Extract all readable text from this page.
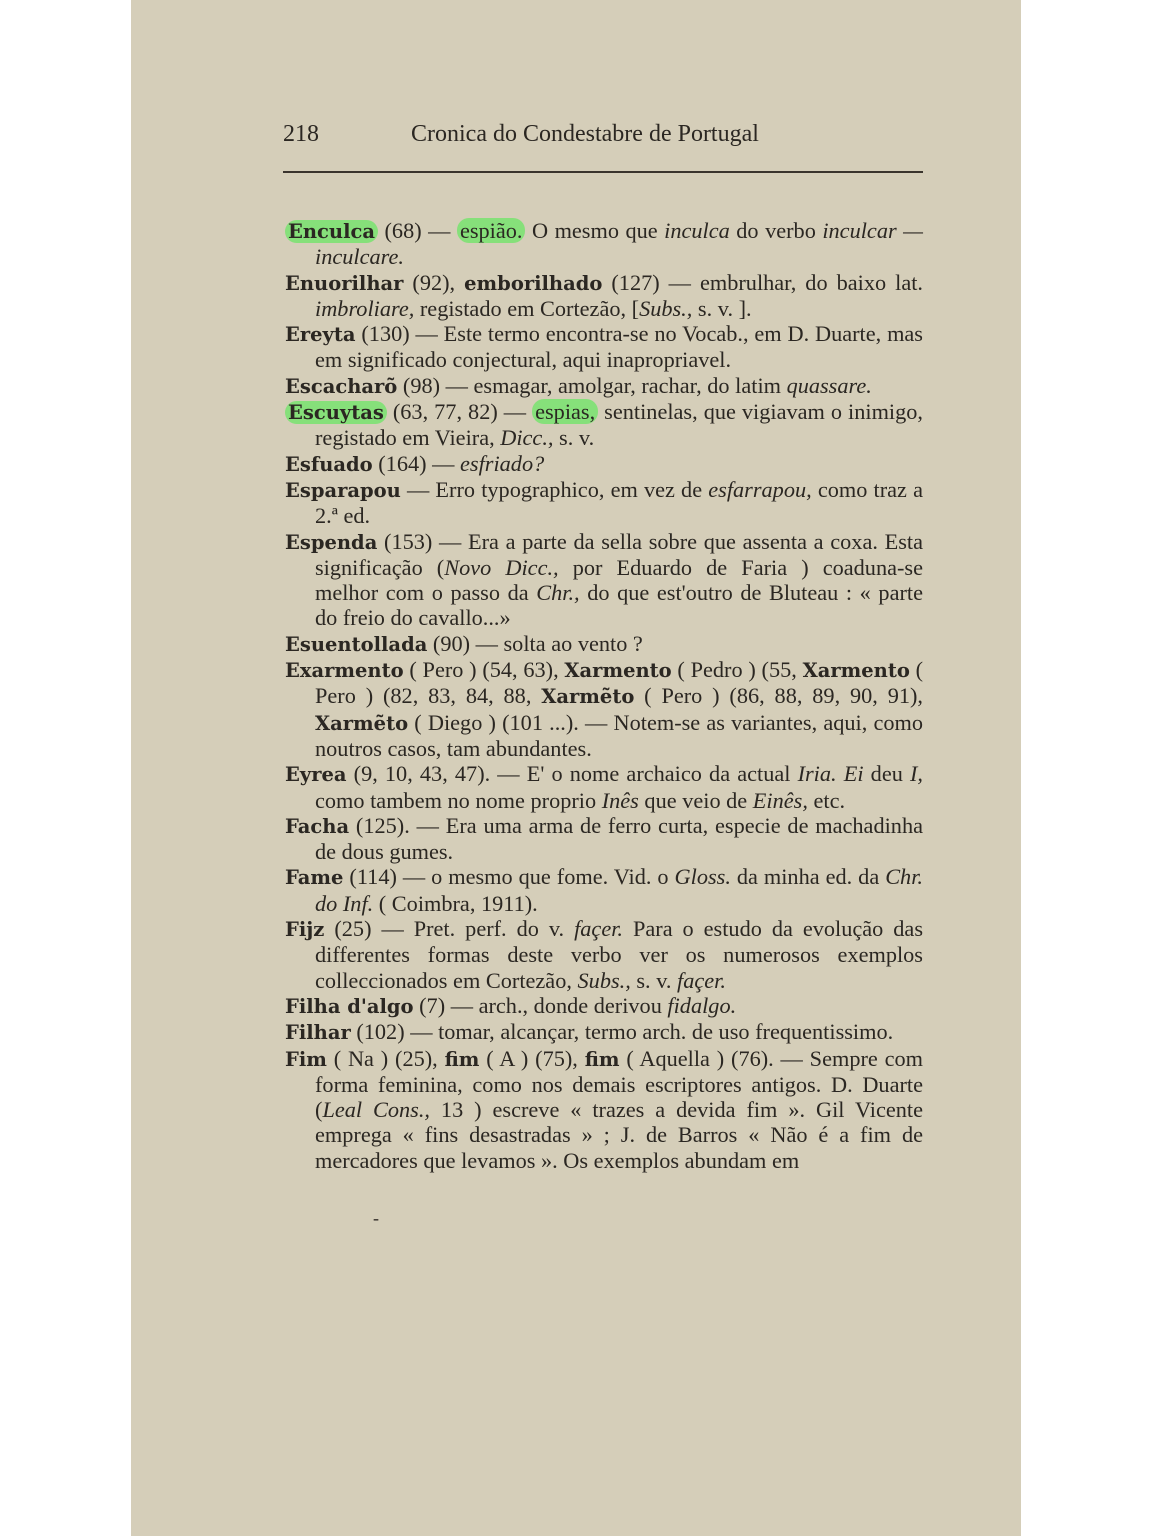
218	Cronica do Condestabre de Portugal
Enculca (68) — espião. O mesmo que inculca do verbo inculcar — inculcare.
Enuorilhar (92), emborilhado (127) — embrulhar, do baixo lat. imbroliare, registado em Cortezão, [Subs., s. v. ].
Ereyta (130) — Este termo encontra-se no Vocab., em D. Duarte, mas em significado conjectural, aqui inapropriavel.
Escacharõ (98) — esmagar, amolgar, rachar, do latim quassare.
Escuytas (63, 77, 82) — espias, sentinelas, que vigiavam o inimigo, registado em Vieira, Dicc., s. v.
Esfuado (164) — esfriado?
Esparapou — Erro typographico, em vez de esfarrapou, como traz a 2.ª ed.
Espenda (153) — Era a parte da sella sobre que assenta a coxa. Esta significação (Novo Dicc., por Eduardo de Faria ) coaduna-se melhor com o passo da Chr., do que est'outro de Bluteau : « parte do freio do cavallo...»
Esuentollada (90) — solta ao vento ?
Exarmento ( Pero ) (54, 63), Xarmento ( Pedro ) (55, Xarmento ( Pero ) (82, 83, 84, 88, Xarmẽto ( Pero ) (86, 88, 89, 90, 91), Xarmẽto ( Diego ) (101 ...). — Notem-se as variantes, aqui, como noutros casos, tam abundantes.
Eyrea (9, 10, 43, 47). — E' o nome archaico da actual Iria. Ei deu I, como tambem no nome proprio Inês que veio de Einês, etc.
Facha (125). — Era uma arma de ferro curta, especie de machadinha de dous gumes.
Fame (114) — o mesmo que fome. Vid. o Gloss. da minha ed. da Chr. do Inf. ( Coimbra, 1911).
Fijz (25) — Pret. perf. do v. façer. Para o estudo da evolução das differentes formas deste verbo ver os numerosos exemplos colleccionados em Cortezão, Subs., s. v. façer.
Filha d'algo (7) — arch., donde derivou fidalgo.
Filhar (102) — tomar, alcançar, termo arch. de uso frequentissimo.
Fim ( Na ) (25), fim ( A ) (75), fim ( Aquella ) (76). — Sempre com forma feminina, como nos demais escriptores antigos. D. Duarte (Leal Cons., 13 ) escreve « trazes a devida fim ». Gil Vicente emprega « fins desastradas » ; J. de Barros « Não é a fim de mercadores que levamos ». Os exemplos abundam em
-
